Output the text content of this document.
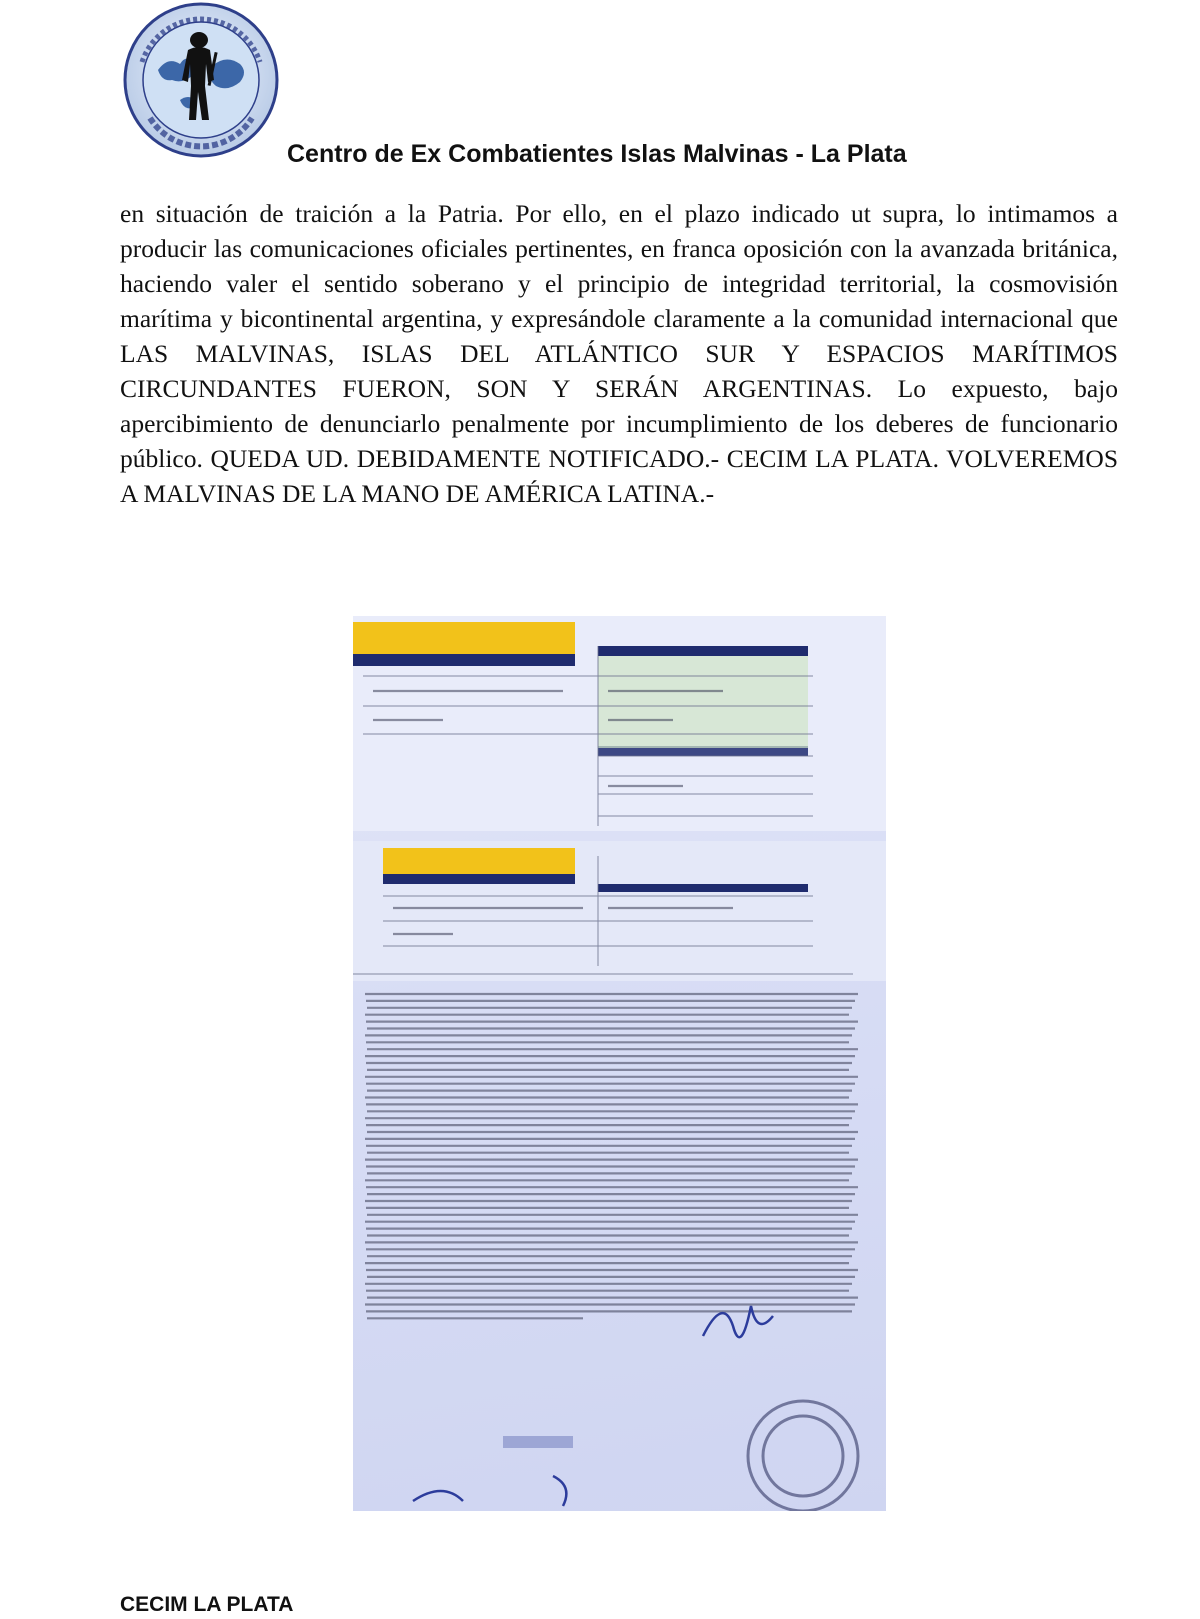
Centro de Ex Combatientes Islas Malvinas - La Plata

en situación de traición a la Patria. Por ello, en el plazo indicado ut supra, lo intimamos a producir las comunicaciones oficiales pertinentes, en franca oposición con la avanzada británica, haciendo valer el sentido soberano y el principio de integridad territorial, la cosmovisión marítima y bicontinental argentina, y expresándole claramente a la comunidad internacional que LAS MALVINAS, ISLAS DEL ATLÁNTICO SUR Y ESPACIOS MARÍTIMOS CIRCUNDANTES FUERON, SON Y SERÁN ARGENTINAS. Lo expuesto, bajo apercibimiento de denunciarlo penalmente por incumplimiento de los deberes de funcionario público. QUEDA UD. DEBIDAMENTE NOTIFICADO.- CECIM LA PLATA. VOLVEREMOS A MALVINAS DE LA MANO DE AMÉRICA LATINA.-

CECIM LA PLATA
